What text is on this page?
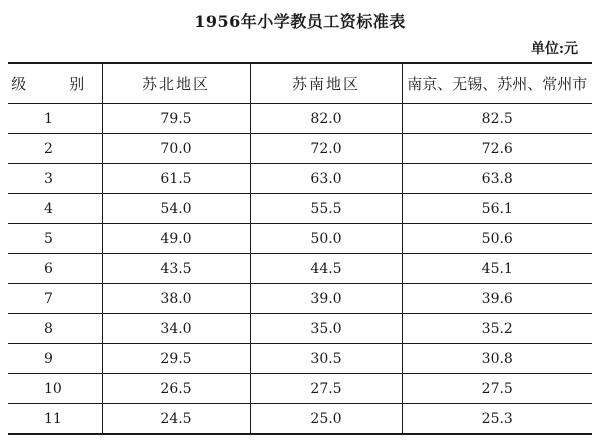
1956年小学教员工资标准表
单位:元
级　别	苏北地区	苏南地区	南京、无锡、苏州、常州市
1	79.5	82.0	82.5
2	70.0	72.0	72.6
3	61.5	63.0	63.8
4	54.0	55.5	56.1
5	49.0	50.0	50.6
6	43.5	44.5	45.1
7	38.0	39.0	39.6
8	34.0	35.0	35.2
9	29.5	30.5	30.8
10	26.5	27.5	27.5
11	24.5	25.0	25.3
